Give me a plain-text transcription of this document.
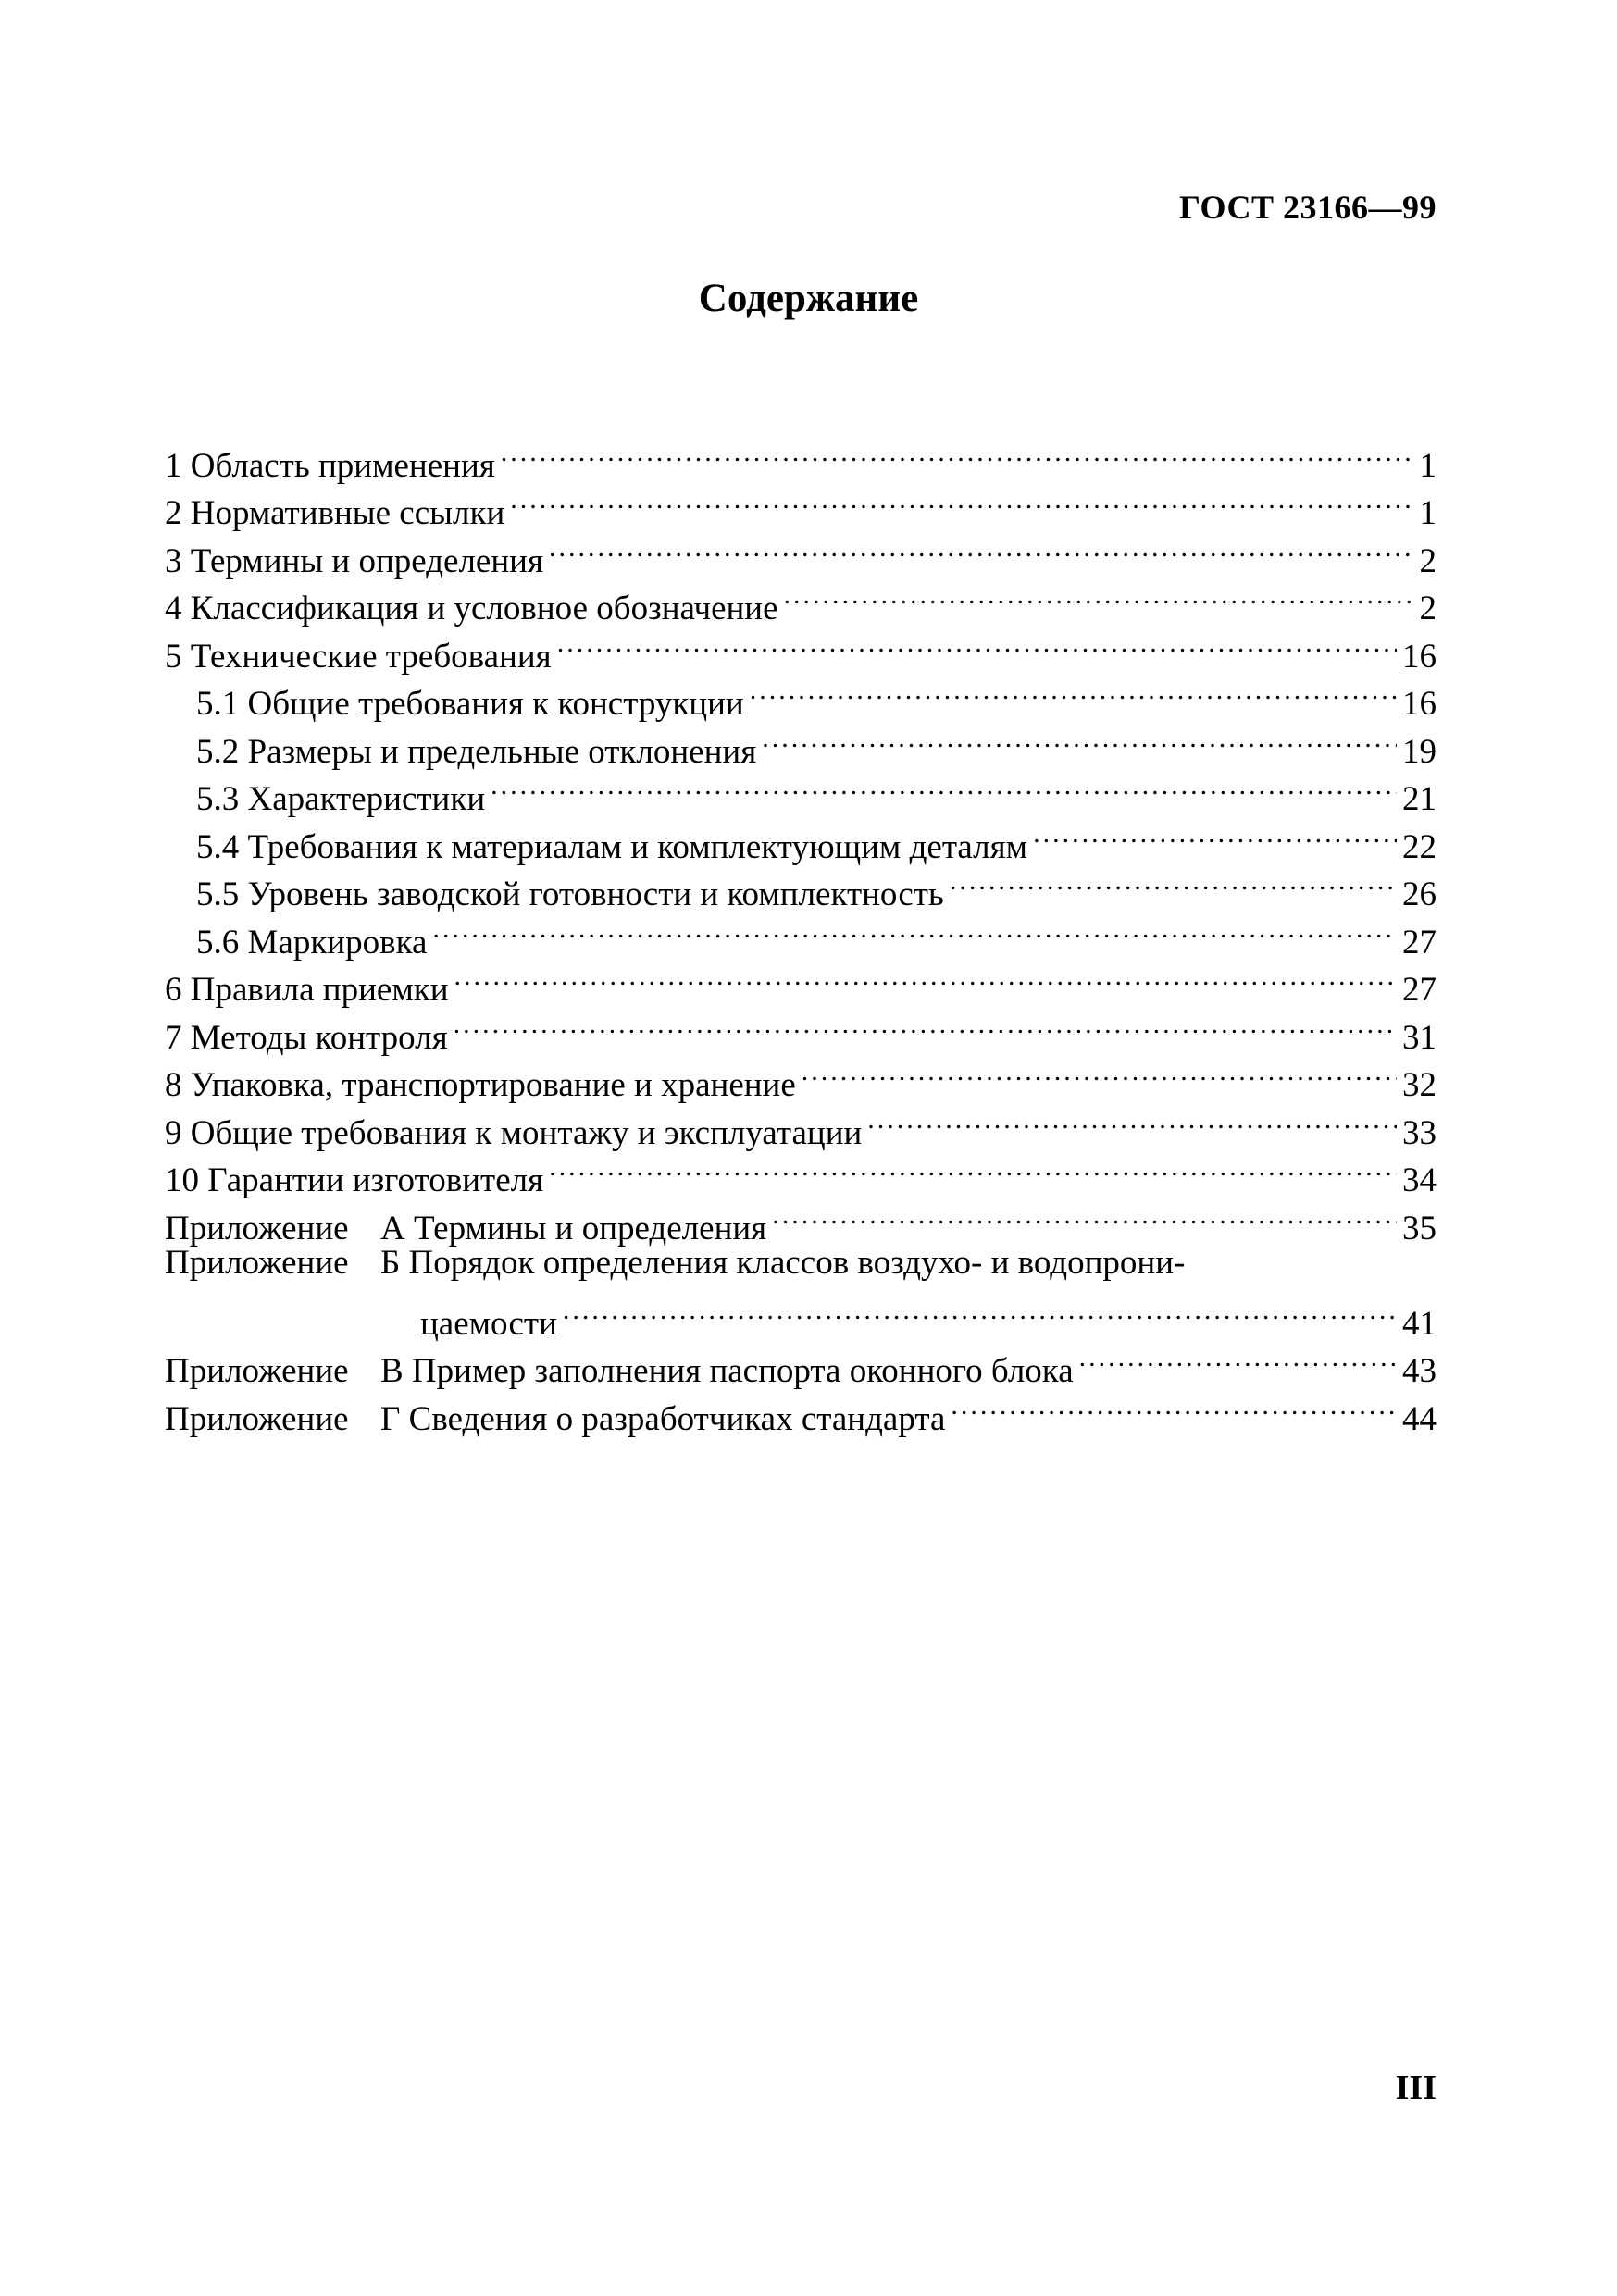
ГОСТ 23166—99
Содержание
1 Область применения .....	1
2 Нормативные ссылки .....	1
3 Термины и определения .....	2
4 Классификация и условное обозначение .....	2
5 Технические требования .....	16
5.1 Общие требования к конструкции .....	16
5.2 Размеры и предельные отклонения .....	19
5.3 Характеристики .....	21
5.4 Требования к материалам и комплектующим деталям .....	22
5.5 Уровень заводской готовности и комплектность .....	26
5.6 Маркировка .....	27
6 Правила приемки .....	27
7 Методы контроля .....	31
8 Упаковка, транспортирование и хранение .....	32
9 Общие требования к монтажу и эксплуатации .....	33
10 Гарантии изготовителя .....	34
Приложение А Термины и определения .....	35
Приложение Б Порядок определения классов воздухо- и водопрони-
цаемости .....	41
Приложение В Пример заполнения паспорта оконного блока .....	43
Приложение Г Сведения о разработчиках стандарта .....	44
III
